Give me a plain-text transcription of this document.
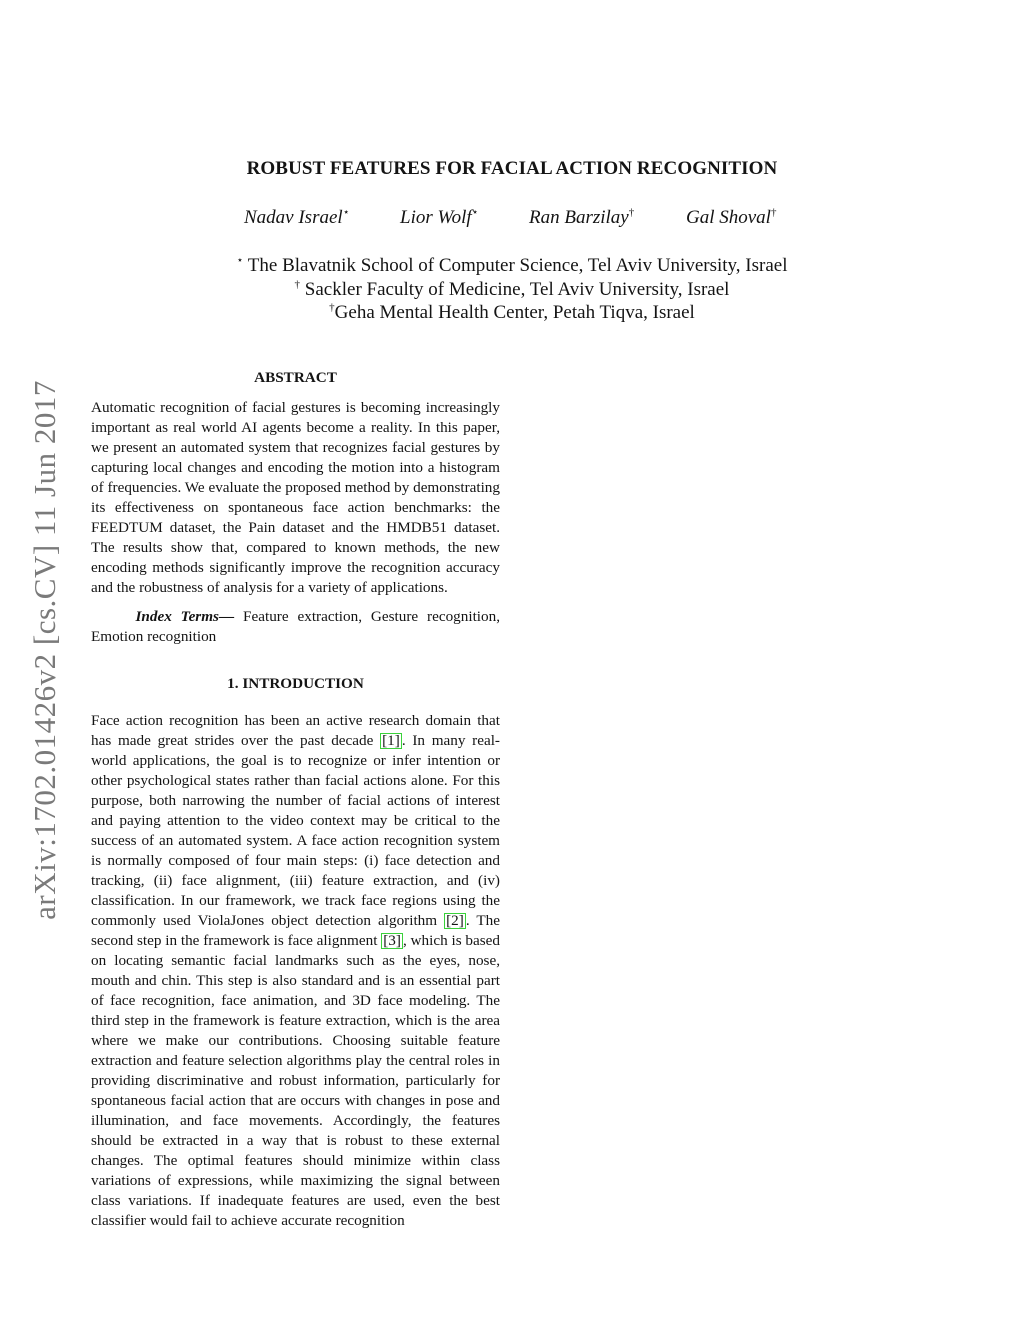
arXiv:1702.01426v2 [cs.CV] 11 Jun 2017
ROBUST FEATURES FOR FACIAL ACTION RECOGNITION
Nadav Israel⋆	Lior Wolf⋆	Ran Barzilay†	Gal Shoval†
⋆ The Blavatnik School of Computer Science, Tel Aviv University, Israel
† Sackler Faculty of Medicine, Tel Aviv University, Israel
†Geha Mental Health Center, Petah Tiqva, Israel

ABSTRACT

Automatic recognition of facial gestures is becoming increasingly important as real world AI agents become a reality. In this paper, we present an automated system that recognizes facial gestures by capturing local changes and encoding the motion into a histogram of frequencies. We evaluate the proposed method by demonstrating its effectiveness on spontaneous face action benchmarks: the FEEDTUM dataset, the Pain dataset and the HMDB51 dataset. The results show that, compared to known methods, the new encoding methods significantly improve the recognition accuracy and the robustness of analysis for a variety of applications.

Index Terms— Feature extraction, Gesture recognition, Emotion recognition

1. INTRODUCTION

Face action recognition has been an active research domain that has made great strides over the past decade [1] . In many real-world applications, the goal is to recognize or infer intention or other psychological states rather than facial actions alone. For this purpose, both narrowing the number of facial actions of interest and paying attention to the video context may be critical to the success of an automated system. A face action recognition system is normally composed of four main steps: (i) face detection and tracking, (ii) face alignment, (iii) feature extraction, and (iv) classification. In our framework, we track face regions using the commonly used ViolaJones object detection algorithm [2] . The second step in the framework is face alignment [3] , which is based on locating semantic facial landmarks such as the eyes, nose, mouth and chin. This step is also standard and is an essential part of face recognition, face animation, and 3D face modeling. The third step in the framework is feature extraction, which is the area where we make our contributions. Choosing suitable feature extraction and feature selection algorithms play the central roles in providing discriminative and robust information, particularly for spontaneous facial action that are occurs with changes in pose and illumination, and face movements. Accordingly, the features should be extracted in a way that is robust to these external changes. The optimal features should minimize within class variations of expressions, while maximizing the signal between class variations. If inadequate features are used, even the best classifier would fail to achieve accurate recognition
